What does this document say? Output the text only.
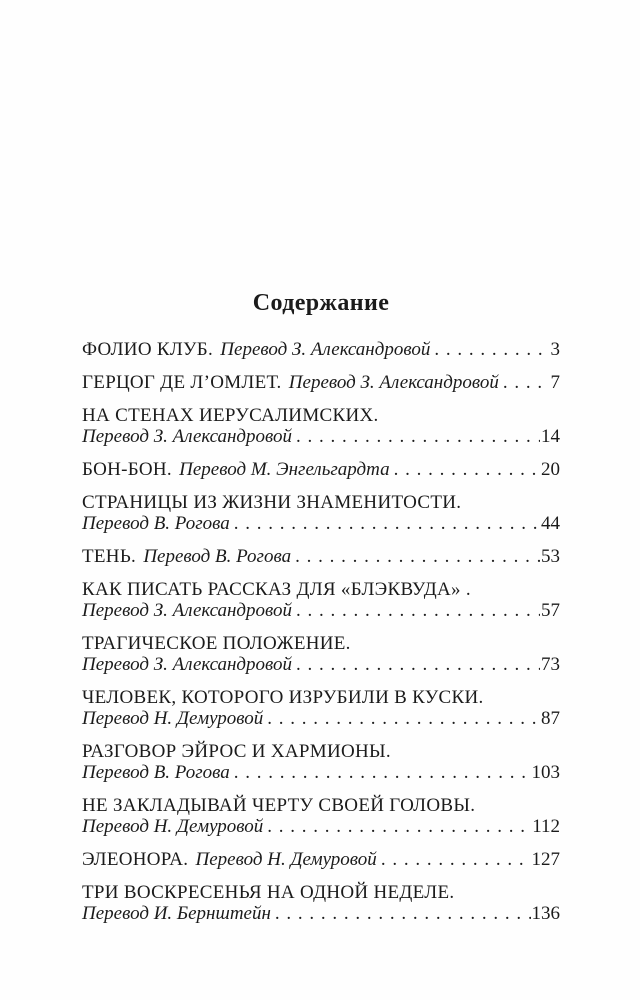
Содержание
ФОЛИО КЛУБ. Перевод З. Александровой . . .	3
ГЕРЦОГ ДЕ Л’ОМЛЕТ. Перевод З. Александровой . . .	7
НА СТЕНАХ ИЕРУСАЛИМСКИХ.
Перевод З. Александровой . . .	14
БОН-БОН. Перевод М. Энгельгардта . . .	20
СТРАНИЦЫ ИЗ ЖИЗНИ ЗНАМЕНИТОСТИ.
Перевод В. Рогова . . .	44
ТЕНЬ. Перевод В. Рогова . . .	53
КАК ПИСАТЬ РАССКАЗ ДЛЯ «БЛЭКВУДА» .
Перевод З. Александровой . . .	57
ТРАГИЧЕСКОЕ ПОЛОЖЕНИЕ.
Перевод З. Александровой . . .	73
ЧЕЛОВЕК, КОТОРОГО ИЗРУБИЛИ В КУСКИ.
Перевод Н. Демуровой . . .	87
РАЗГОВОР ЭЙРОС И ХАРМИОНЫ.
Перевод В. Рогова . . .	103
НЕ ЗАКЛАДЫВАЙ ЧЕРТУ СВОЕЙ ГОЛОВЫ.
Перевод Н. Демуровой . . .	112
ЭЛЕОНОРА. Перевод Н. Демуровой . . .	127
ТРИ ВОСКРЕСЕНЬЯ НА ОДНОЙ НЕДЕЛЕ.
Перевод И. Бернштейн . . .	136
